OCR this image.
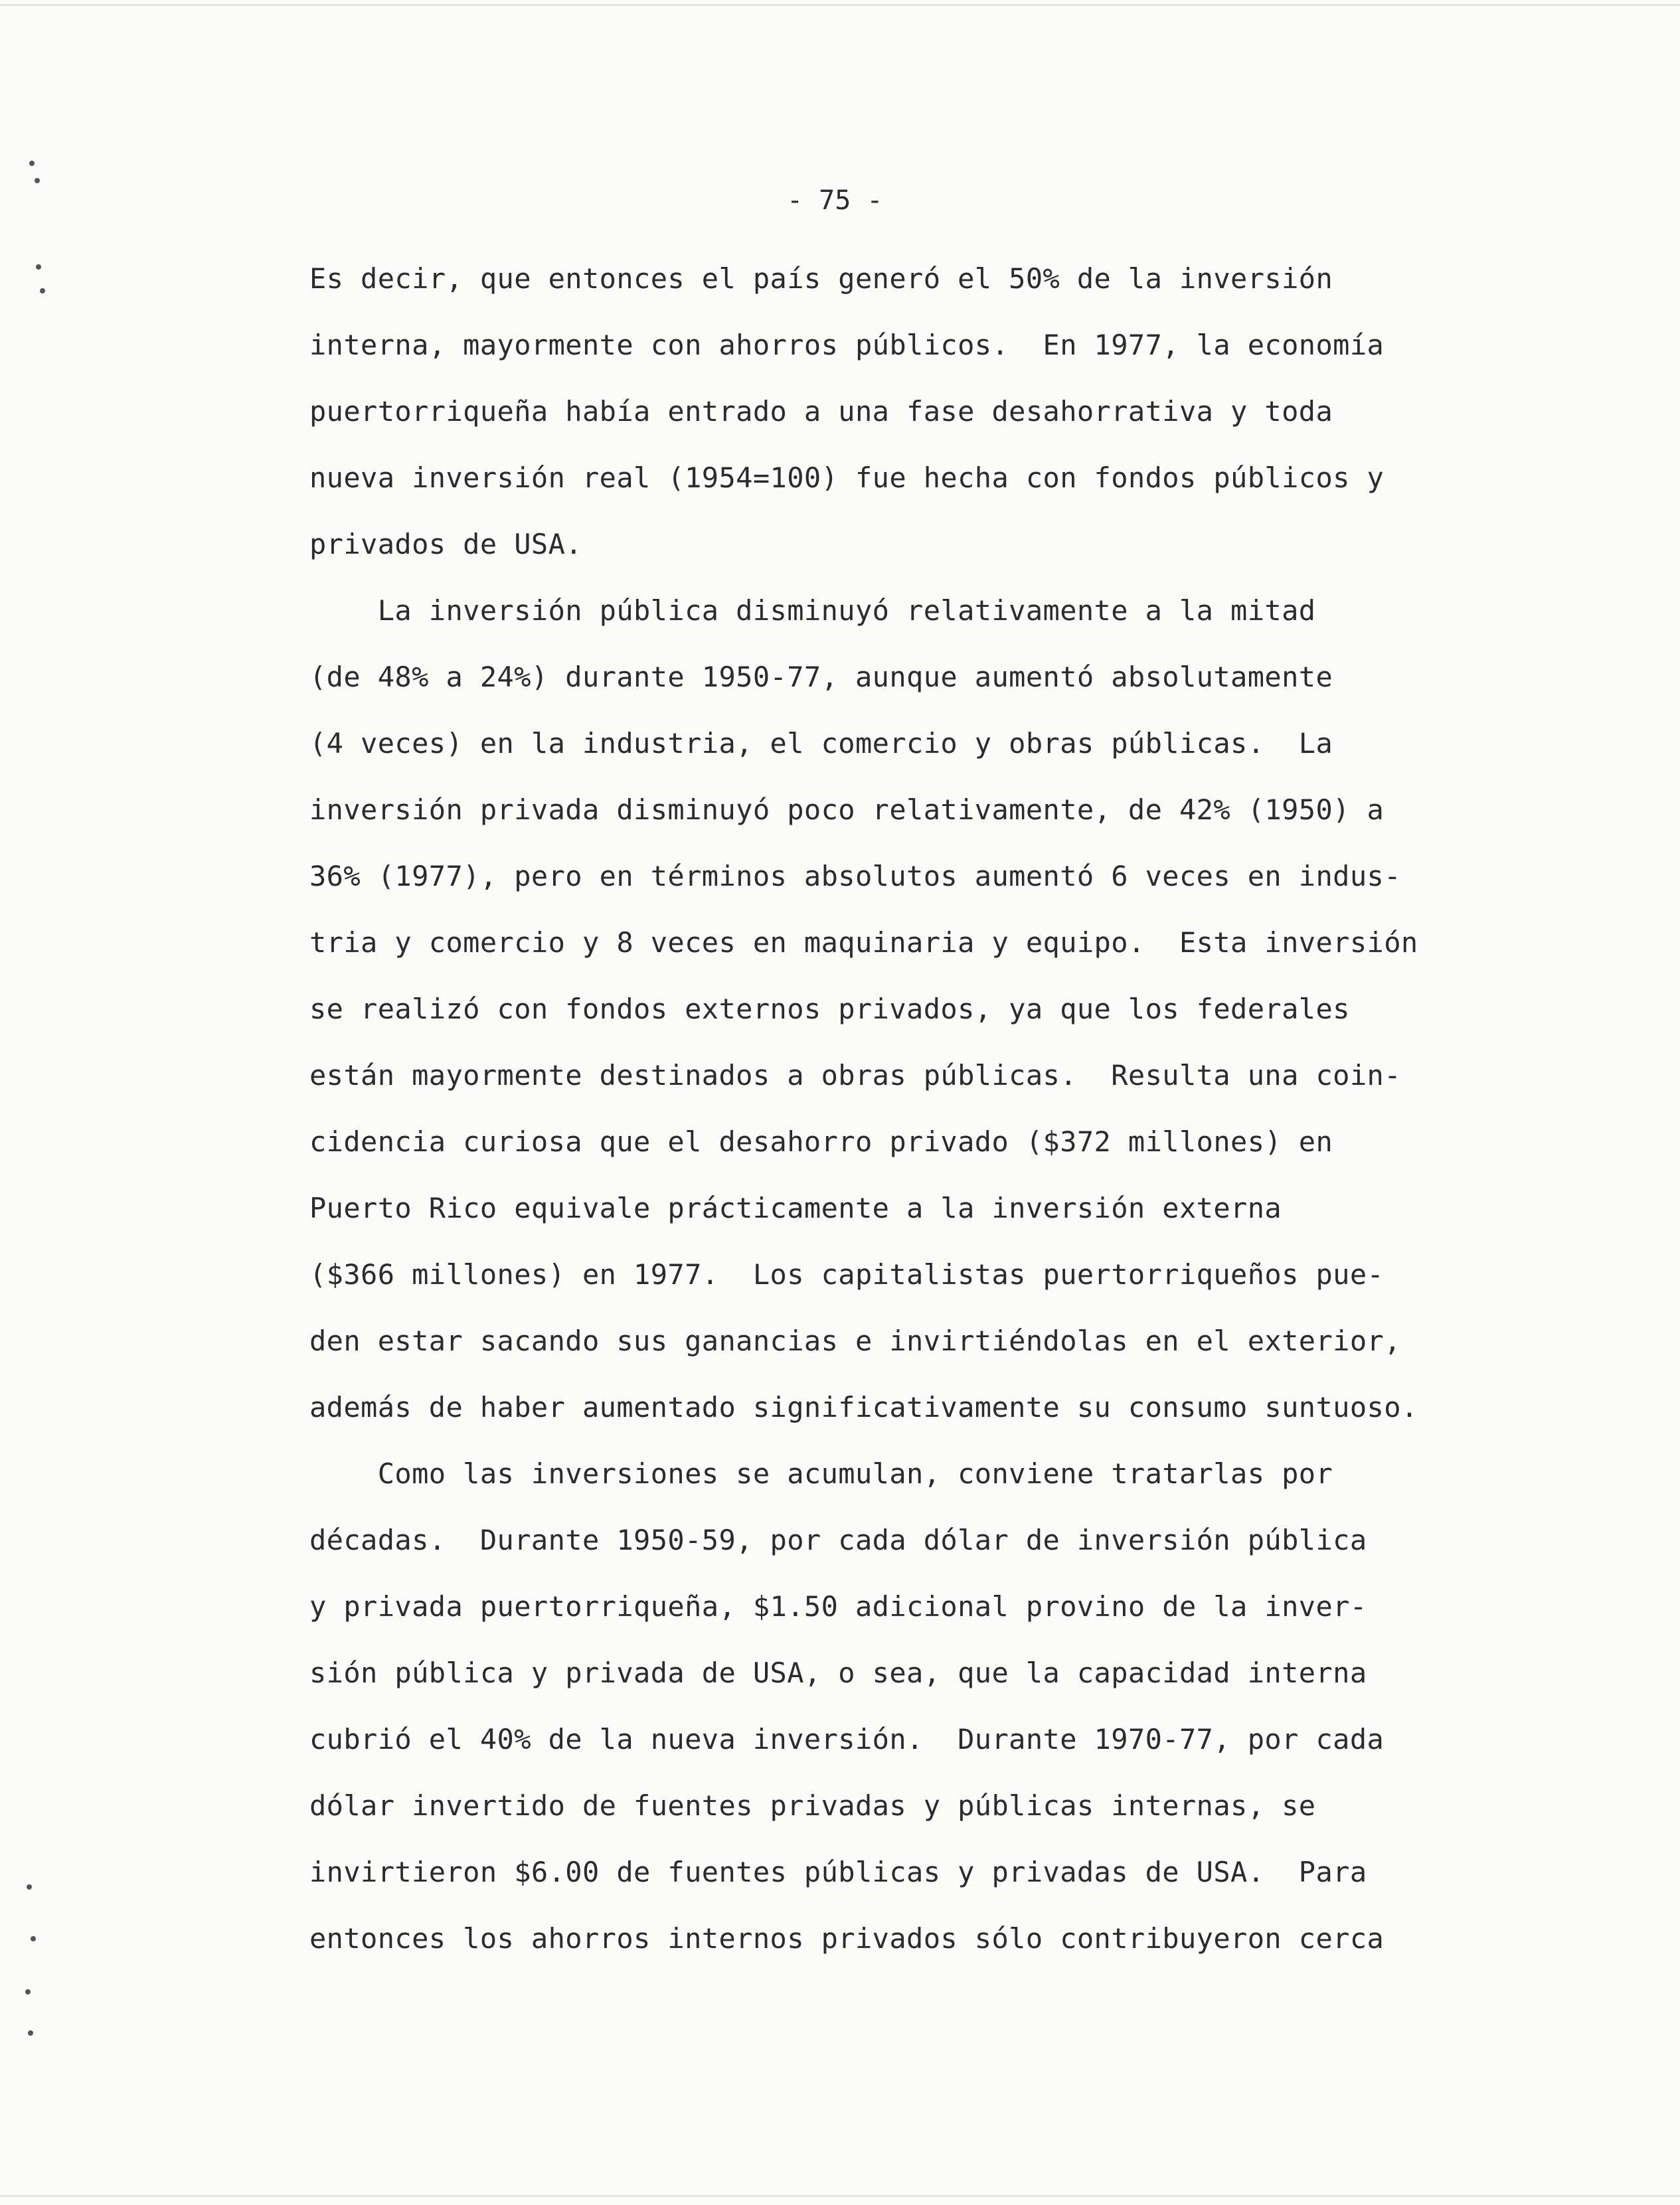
- 75 -
Es decir, que entonces el país generó el 50% de la inversión
interna, mayormente con ahorros públicos.  En 1977, la economía
puertorriqueña había entrado a una fase desahorrativa y toda
nueva inversión real (1954=100) fue hecha con fondos públicos y
privados de USA.
La inversión pública disminuyó relativamente a la mitad
(de 48% a 24%) durante 1950-77, aunque aumentó absolutamente
(4 veces) en la industria, el comercio y obras públicas.  La
inversión privada disminuyó poco relativamente, de 42% (1950) a
36% (1977), pero en términos absolutos aumentó 6 veces en indus-
tria y comercio y 8 veces en maquinaria y equipo.  Esta inversión
se realizó con fondos externos privados, ya que los federales
están mayormente destinados a obras públicas.  Resulta una coin-
cidencia curiosa que el desahorro privado ($372 millones) en
Puerto Rico equivale prácticamente a la inversión externa
($366 millones) en 1977.  Los capitalistas puertorriqueños pue-
den estar sacando sus ganancias e invirtiéndolas en el exterior,
además de haber aumentado significativamente su consumo suntuoso.
Como las inversiones se acumulan, conviene tratarlas por
décadas.  Durante 1950-59, por cada dólar de inversión pública
y privada puertorriqueña, $1.50 adicional provino de la inver-
sión pública y privada de USA, o sea, que la capacidad interna
cubrió el 40% de la nueva inversión.  Durante 1970-77, por cada
dólar invertido de fuentes privadas y públicas internas, se
invirtieron $6.00 de fuentes públicas y privadas de USA.  Para
entonces los ahorros internos privados sólo contribuyeron cerca
